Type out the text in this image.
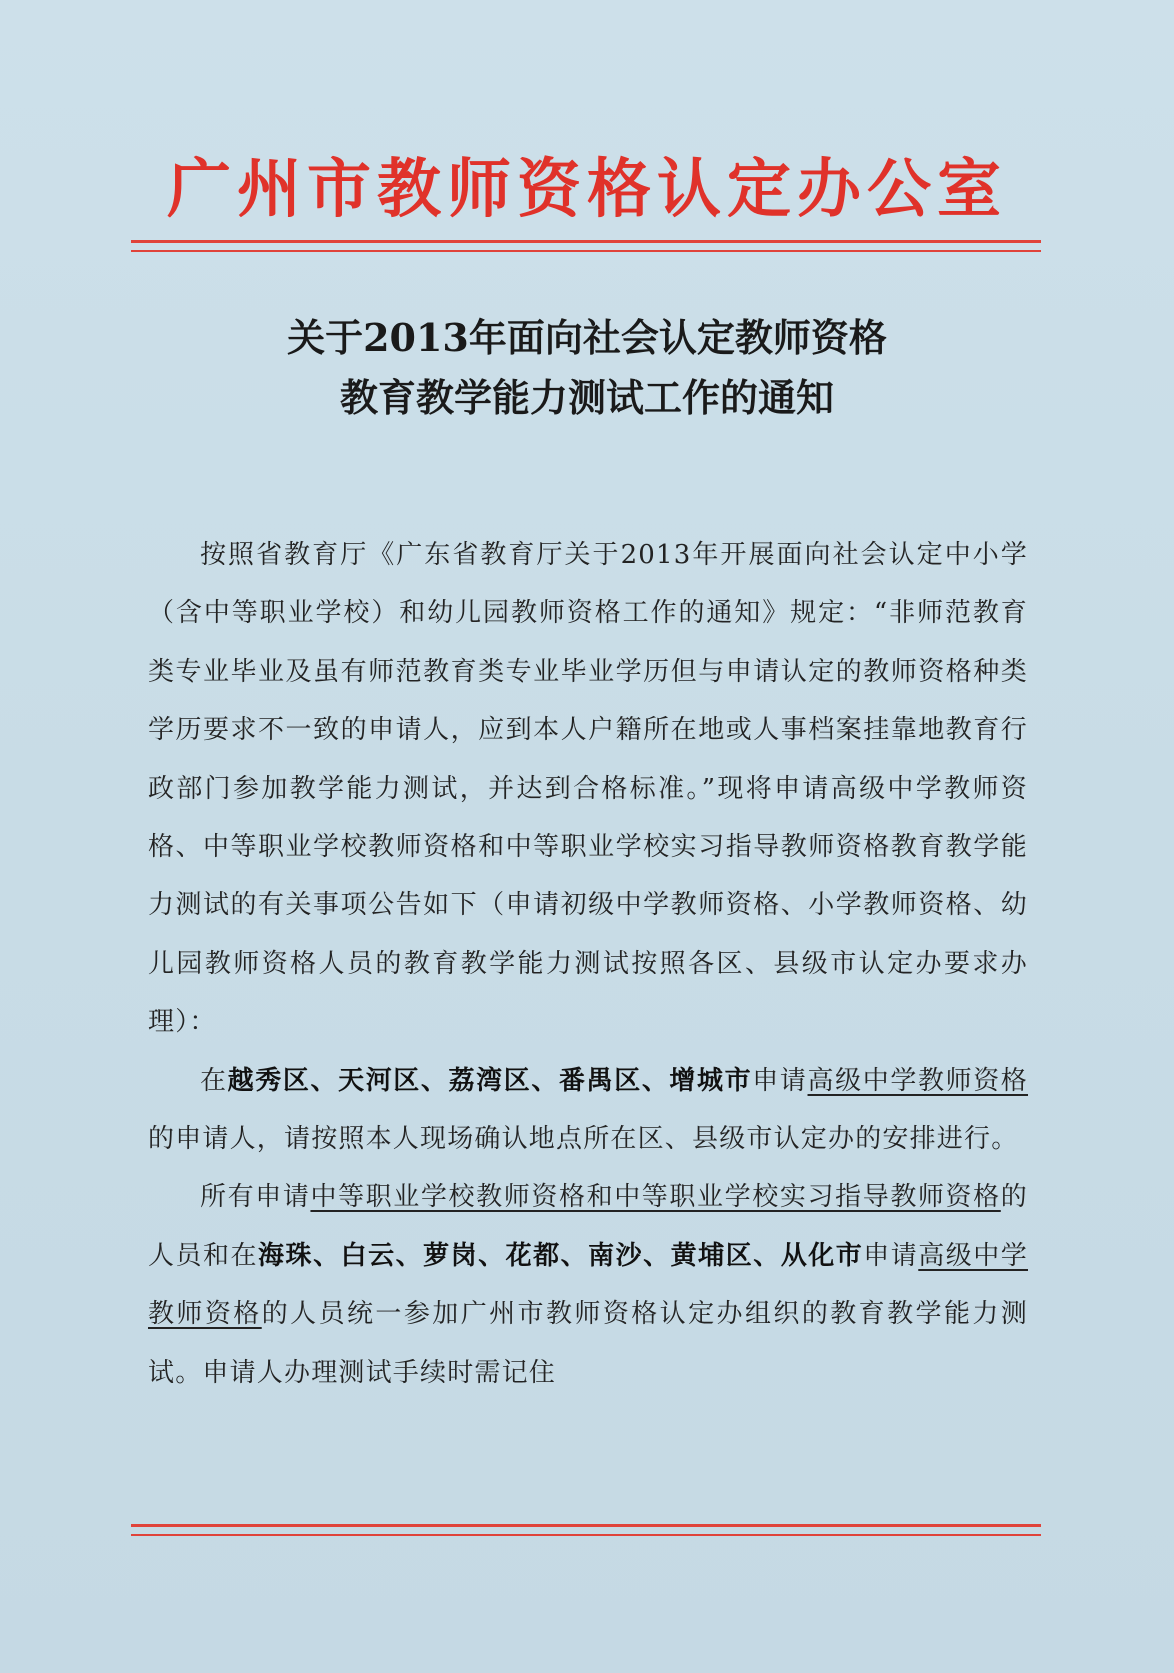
广州市教师资格认定办公室
关于2013年面向社会认定教师资格
教育教学能力测试工作的通知

按照省教育厅《广东省教育厅关于2013年开展面向社会认定中小学（含中等职业学校）和幼儿园教师资格工作的通知》规定：“非师范教育类专业毕业及虽有师范教育类专业毕业学历但与申请认定的教师资格种类学历要求不一致的申请人，应到本人户籍所在地或人事档案挂靠地教育行政部门参加教学能力测试，并达到合格标准。”现将申请高级中学教师资格、中等职业学校教师资格和中等职业学校实习指导教师资格教育教学能力测试的有关事项公告如下（申请初级中学教师资格、小学教师资格、幼儿园教师资格人员的教育教学能力测试按照各区、县级市认定办要求办理）：

在越秀区、天河区、荔湾区、番禺区、增城市申请高级中学教师资格的申请人，请按照本人现场确认地点所在区、县级市认定办的安排进行。

所有申请中等职业学校教师资格和中等职业学校实习指导教师资格的人员和在海珠、白云、萝岗、花都、南沙、黄埔区、从化市申请高级中学教师资格的人员统一参加广州市教师资格认定办组织的教育教学能力测试。申请人办理测试手续时需记住
